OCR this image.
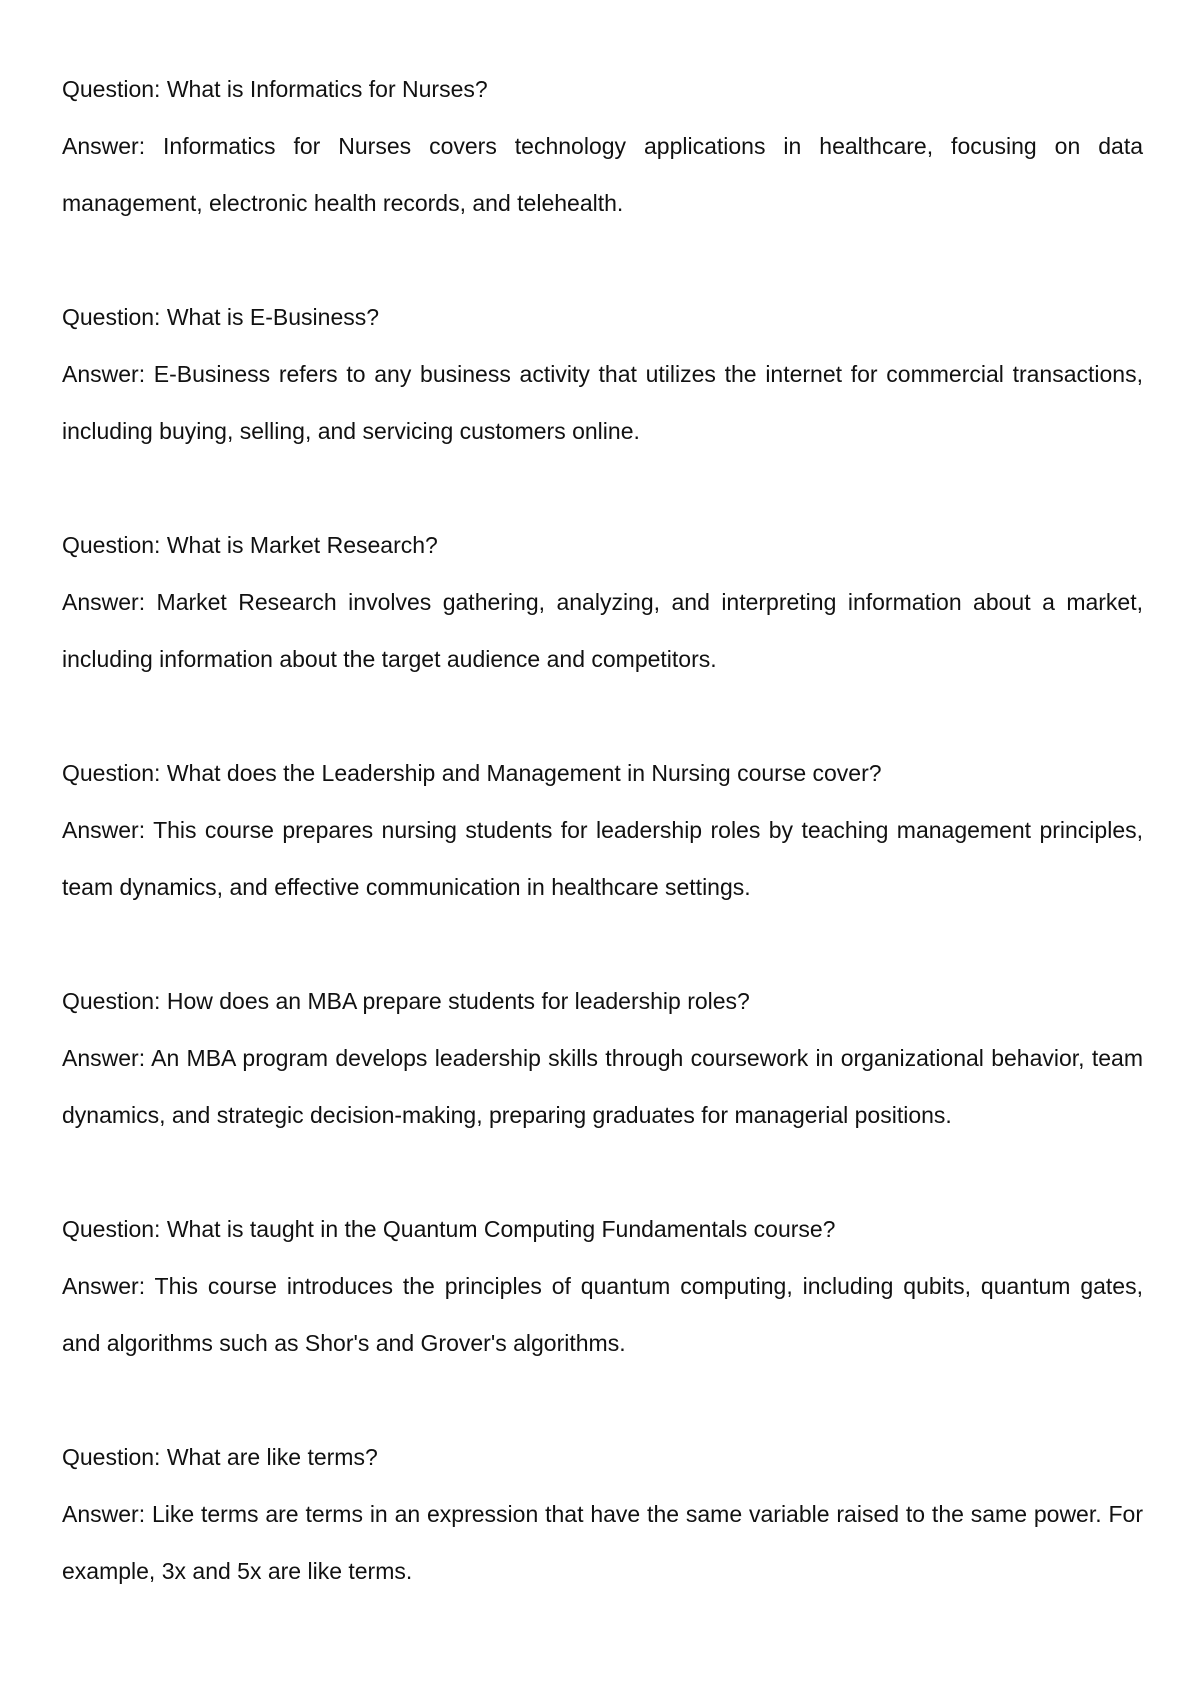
Question: What is Informatics for Nurses?

Answer: Informatics for Nurses covers technology applications in healthcare, focusing on data management, electronic health records, and telehealth.

Question: What is E-Business?

Answer: E-Business refers to any business activity that utilizes the internet for commercial transactions, including buying, selling, and servicing customers online.

Question: What is Market Research?

Answer: Market Research involves gathering, analyzing, and interpreting information about a market, including information about the target audience and competitors.

Question: What does the Leadership and Management in Nursing course cover?

Answer: This course prepares nursing students for leadership roles by teaching management principles, team dynamics, and effective communication in healthcare settings.

Question: How does an MBA prepare students for leadership roles?

Answer: An MBA program develops leadership skills through coursework in organizational behavior, team dynamics, and strategic decision-making, preparing graduates for managerial positions.

Question: What is taught in the Quantum Computing Fundamentals course?

Answer: This course introduces the principles of quantum computing, including qubits, quantum gates, and algorithms such as Shor's and Grover's algorithms.

Question: What are like terms?

Answer: Like terms are terms in an expression that have the same variable raised to the same power. For example, 3x and 5x are like terms.
